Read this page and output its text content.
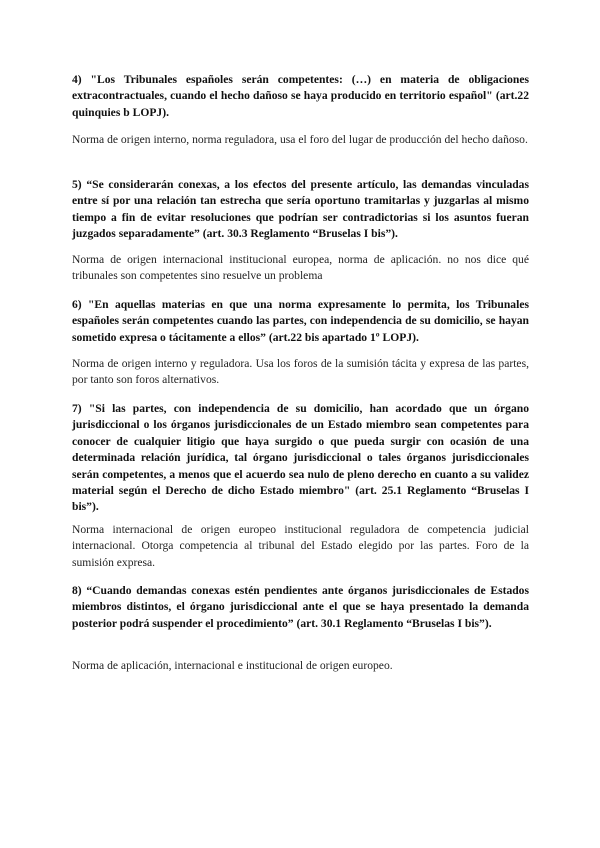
4) "Los Tribunales españoles serán competentes: (…) en materia de obligaciones extracontractuales, cuando el hecho dañoso se haya producido en territorio español" (art.22 quinquies b LOPJ).

Norma de origen interno, norma reguladora, usa el foro del lugar de producción del hecho dañoso.

5) “Se considerarán conexas, a los efectos del presente artículo, las demandas vinculadas entre sí por una relación tan estrecha que sería oportuno tramitarlas y juzgarlas al mismo tiempo a fin de evitar resoluciones que podrían ser contradictorias si los asuntos fueran juzgados separadamente” (art. 30.3 Reglamento “Bruselas I bis”).

Norma de origen internacional institucional europea, norma de aplicación. no nos dice qué tribunales son competentes sino resuelve un problema

6) "En aquellas materias en que una norma expresamente lo permita, los Tribunales españoles serán competentes cuando las partes, con independencia de su domicilio, se hayan sometido expresa o tácitamente a ellos” (art.22 bis apartado 1º LOPJ).

Norma de origen interno y reguladora. Usa los foros de la sumisión tácita y expresa de las partes, por tanto son foros alternativos.

7) "Si las partes, con independencia de su domicilio, han acordado que un órgano jurisdiccional o los órganos jurisdiccionales de un Estado miembro sean competentes para conocer de cualquier litigio que haya surgido o que pueda surgir con ocasión de una determinada relación jurídica, tal órgano jurisdiccional o tales órganos jurisdiccionales serán competentes, a menos que el acuerdo sea nulo de pleno derecho en cuanto a su validez material según el Derecho de dicho Estado miembro" (art. 25.1 Reglamento “Bruselas I bis”).

Norma internacional de origen europeo institucional reguladora de competencia judicial internacional. Otorga competencia al tribunal del Estado elegido por las partes. Foro de la sumisión expresa.

8) “Cuando demandas conexas estén pendientes ante órganos jurisdiccionales de Estados miembros distintos, el órgano jurisdiccional ante el que se haya presentado la demanda posterior podrá suspender el procedimiento” (art. 30.1 Reglamento “Bruselas I bis”).

Norma de aplicación, internacional e institucional de origen europeo.
